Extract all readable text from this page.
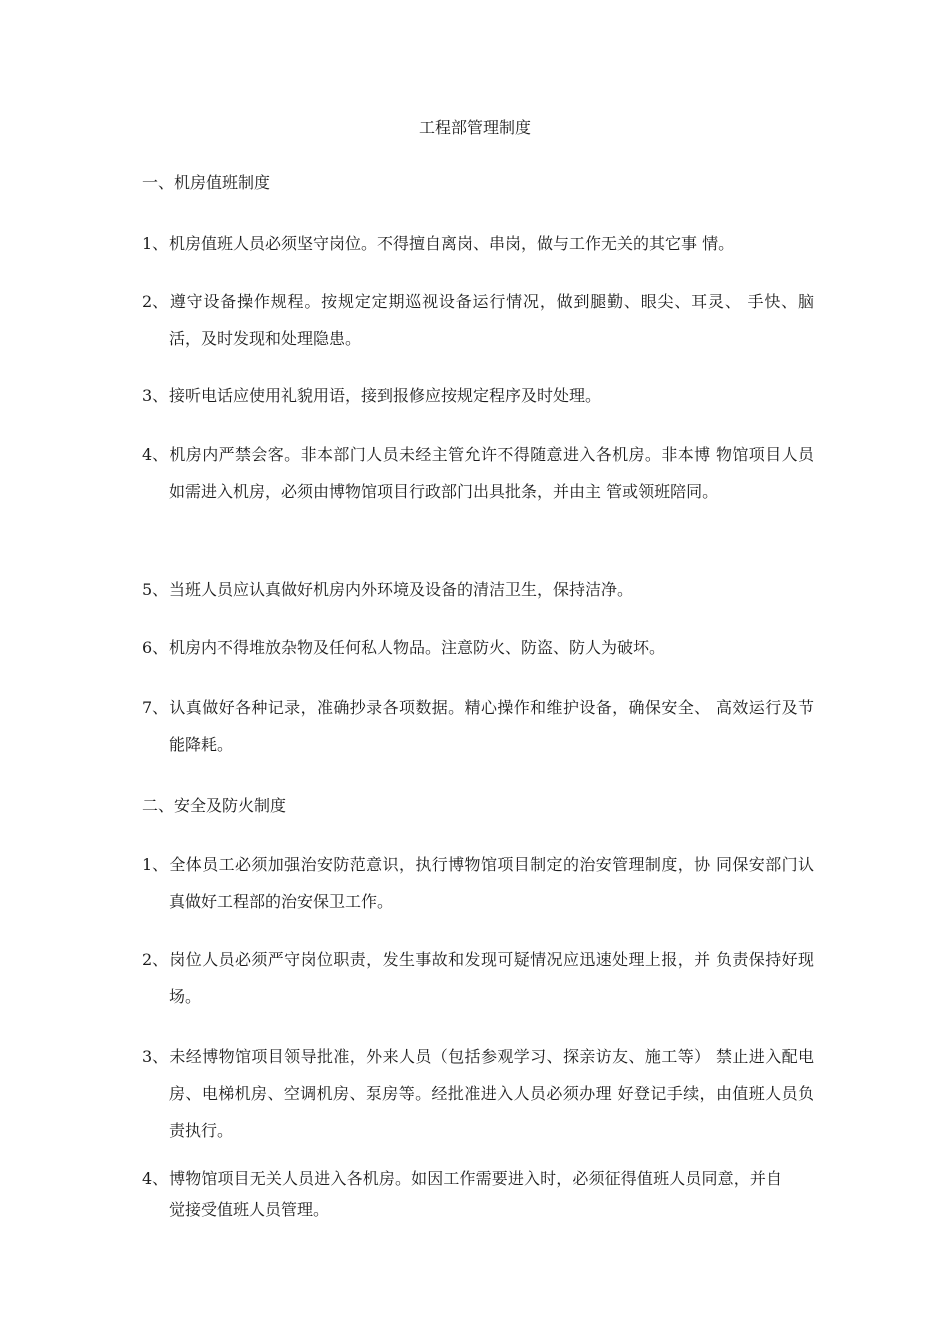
工程部管理制度
一、机房值班制度
1、机房值班人员必须坚守岗位。不得擅自离岗、串岗，做与工作无关的其它事 情。
2、遵守设备操作规程。按规定定期巡视设备运行情况，做到腿勤、眼尖、耳灵、 手快、脑活，及时发现和处理隐患。
3、接听电话应使用礼貌用语，接到报修应按规定程序及时处理。
4、机房内严禁会客。非本部门人员未经主管允许不得随意进入各机房。非本博 物馆项目人员如需进入机房，必须由博物馆项目行政部门出具批条，并由主 管或领班陪同。
5、当班人员应认真做好机房内外环境及设备的清洁卫生，保持洁净。
6、机房内不得堆放杂物及任何私人物品。注意防火、防盗、防人为破坏。
7、认真做好各种记录，准确抄录各项数据。精心操作和维护设备，确保安全、 高效运行及节能降耗。
二、安全及防火制度
1、全体员工必须加强治安防范意识，执行博物馆项目制定的治安管理制度，协 同保安部门认真做好工程部的治安保卫工作。
2、岗位人员必须严守岗位职责，发生事故和发现可疑情况应迅速处理上报，并 负责保持好现场。
3、未经博物馆项目领导批准，外来人员（包括参观学习、探亲访友、施工等） 禁止进入配电房、电梯机房、空调机房、泵房等。经批准进入人员必须办理 好登记手续，由值班人员负责执行。
4、博物馆项目无关人员进入各机房。如因工作需要进入时，必须征得值班人员同意，并自觉接受值班人员管理。
